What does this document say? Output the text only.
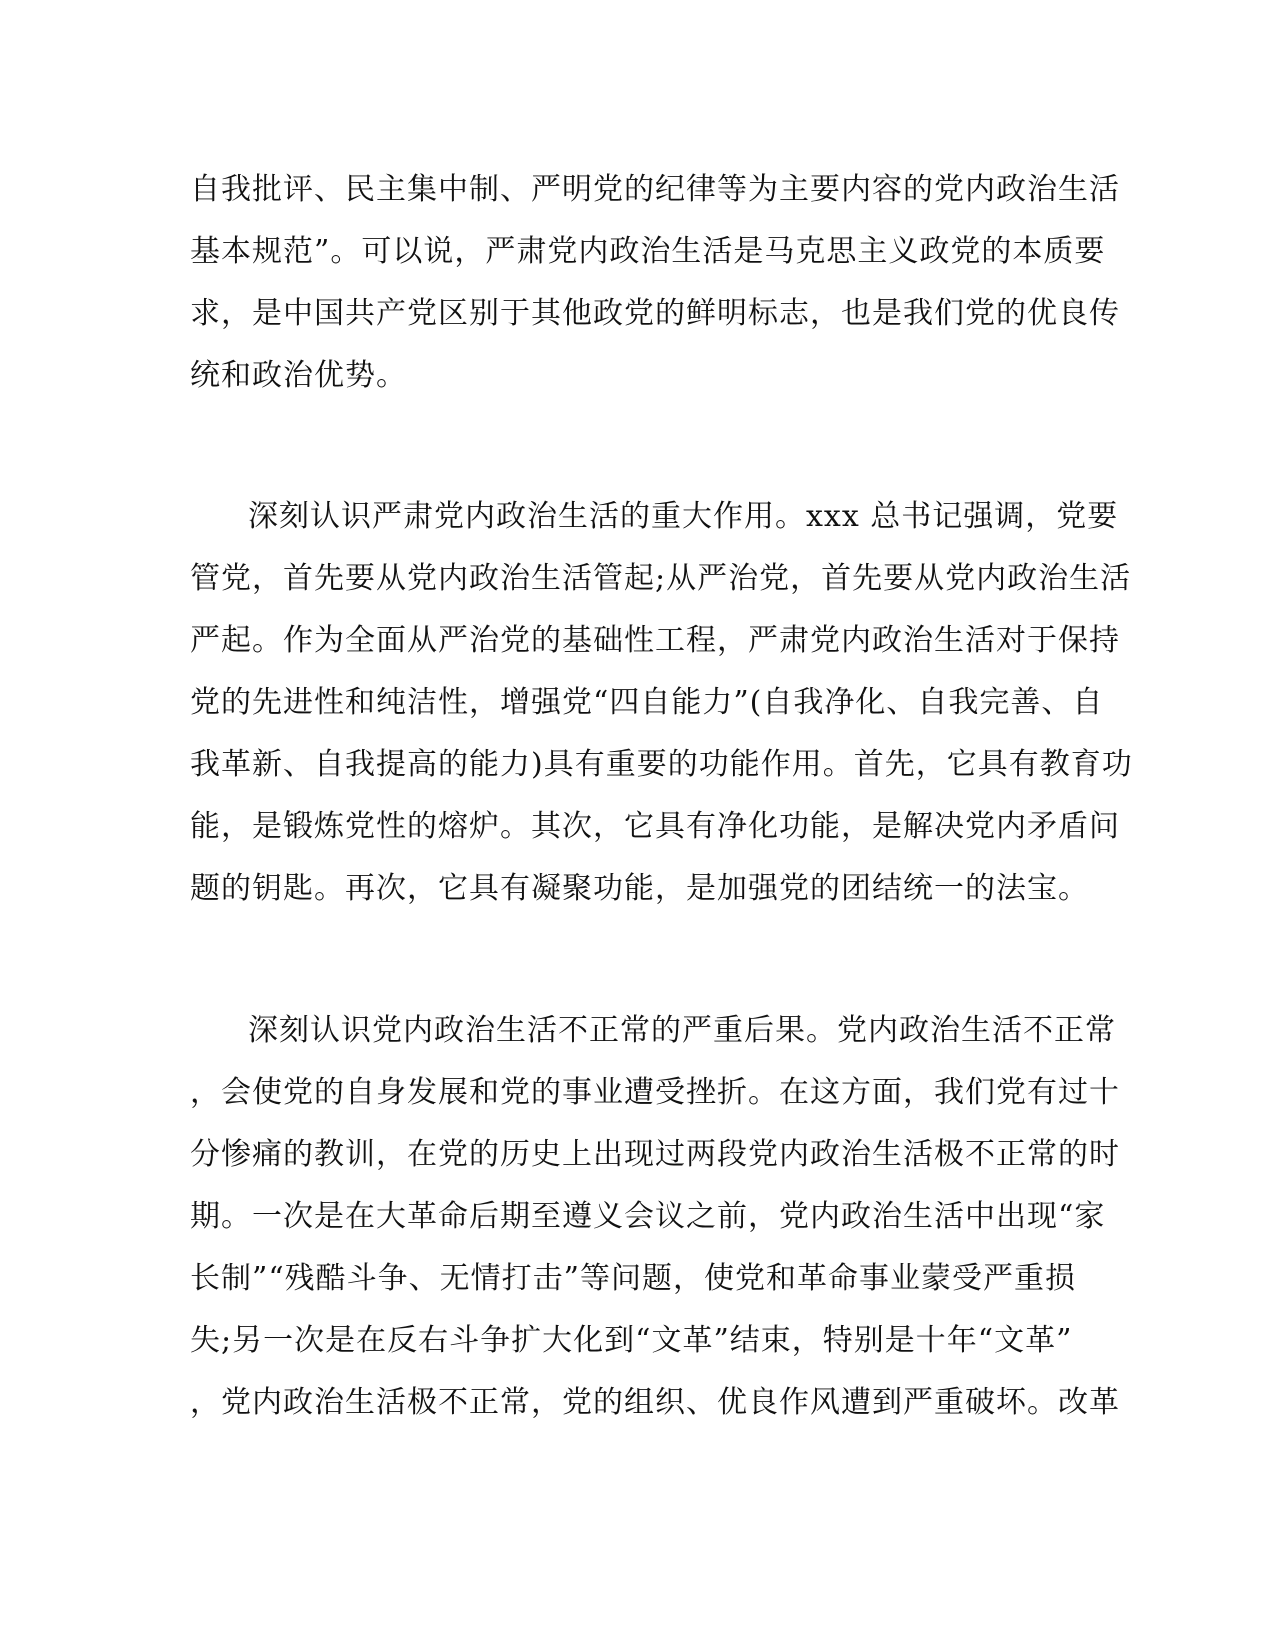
自我批评、民主集中制、严明党的纪律等为主要内容的党内政治生活
基本规范”。可以说，严肃党内政治生活是马克思主义政党的本质要
求，是中国共产党区别于其他政党的鲜明标志，也是我们党的优良传
统和政治优势。
深刻认识严肃党内政治生活的重大作用。xxx 总书记强调，党要
管党，首先要从党内政治生活管起;从严治党，首先要从党内政治生活
严起。作为全面从严治党的基础性工程，严肃党内政治生活对于保持
党的先进性和纯洁性，增强党“四自能力”(自我净化、自我完善、自
我革新、自我提高的能力)具有重要的功能作用。首先，它具有教育功
能，是锻炼党性的熔炉。其次，它具有净化功能，是解决党内矛盾问
题的钥匙。再次，它具有凝聚功能，是加强党的团结统一的法宝。
深刻认识党内政治生活不正常的严重后果。党内政治生活不正常
，会使党的自身发展和党的事业遭受挫折。在这方面，我们党有过十
分惨痛的教训，在党的历史上出现过两段党内政治生活极不正常的时
期。一次是在大革命后期至遵义会议之前，党内政治生活中出现“家
长制”“残酷斗争、无情打击”等问题，使党和革命事业蒙受严重损
失;另一次是在反右斗争扩大化到“文革”结束，特别是十年“文革”
，党内政治生活极不正常，党的组织、优良作风遭到严重破坏。改革
